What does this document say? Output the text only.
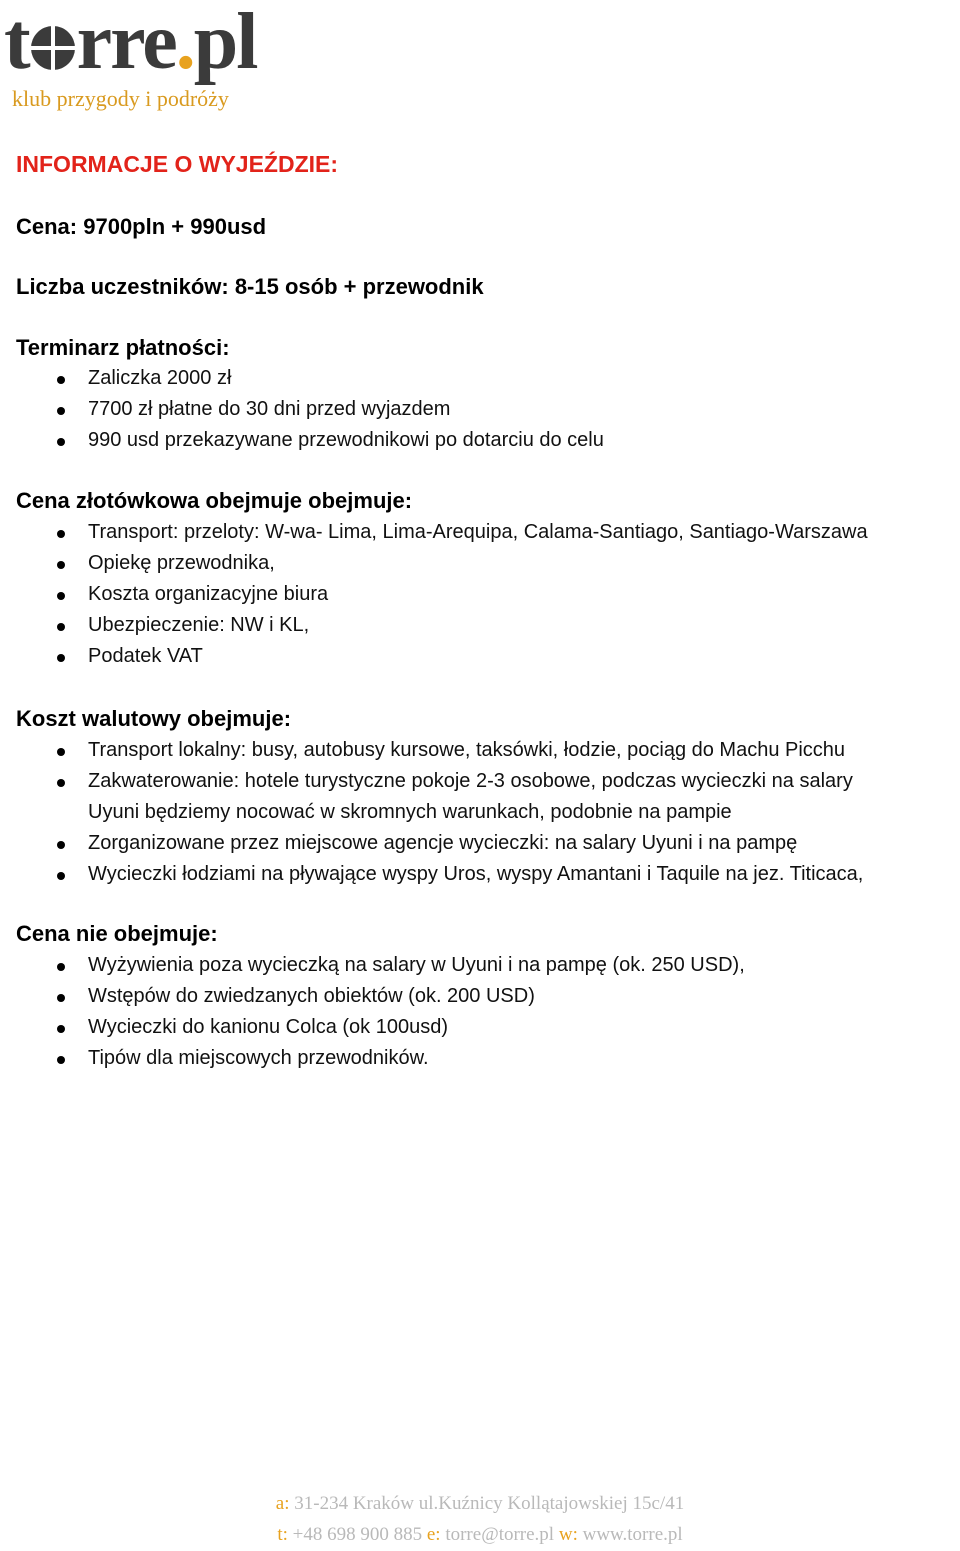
t rre.pl
klub przygody i podróży
INFORMACJE O WYJEŹDZIE:
Cena: 9700pln + 990usd
Liczba uczestników: 8-15 osób + przewodnik
Terminarz płatności:
Zaliczka 2000 zł
7700 zł płatne do 30 dni przed wyjazdem
990 usd przekazywane przewodnikowi po dotarciu do celu
Cena złotówkowa obejmuje obejmuje:
Transport: przeloty: W-wa- Lima, Lima-Arequipa, Calama-Santiago, Santiago-Warszawa
Opiekę przewodnika,
Koszta organizacyjne biura
Ubezpieczenie: NW i KL,
Podatek VAT
Koszt walutowy obejmuje:
Transport lokalny: busy, autobusy kursowe, taksówki, łodzie, pociąg do Machu Picchu
Zakwaterowanie: hotele turystyczne pokoje 2-3 osobowe, podczas wycieczki na salary
Uyuni będziemy nocować w skromnych warunkach, podobnie na pampie
Zorganizowane przez miejscowe agencje wycieczki: na salary Uyuni i na pampę
Wycieczki łodziami na pływające wyspy Uros, wyspy Amantani i Taquile na jez. Titicaca,
Cena nie obejmuje:
Wyżywienia poza wycieczką na salary w Uyuni i na pampę (ok. 250 USD),
Wstępów do zwiedzanych obiektów (ok. 200 USD)
Wycieczki do kanionu Colca (ok 100usd)
Tipów dla miejscowych przewodników.
a: 31-234 Kraków ul.Kuźnicy Kollątajowskiej 15c/41
t: +48 698 900 885 e: torre@torre.pl w: www.torre.pl
